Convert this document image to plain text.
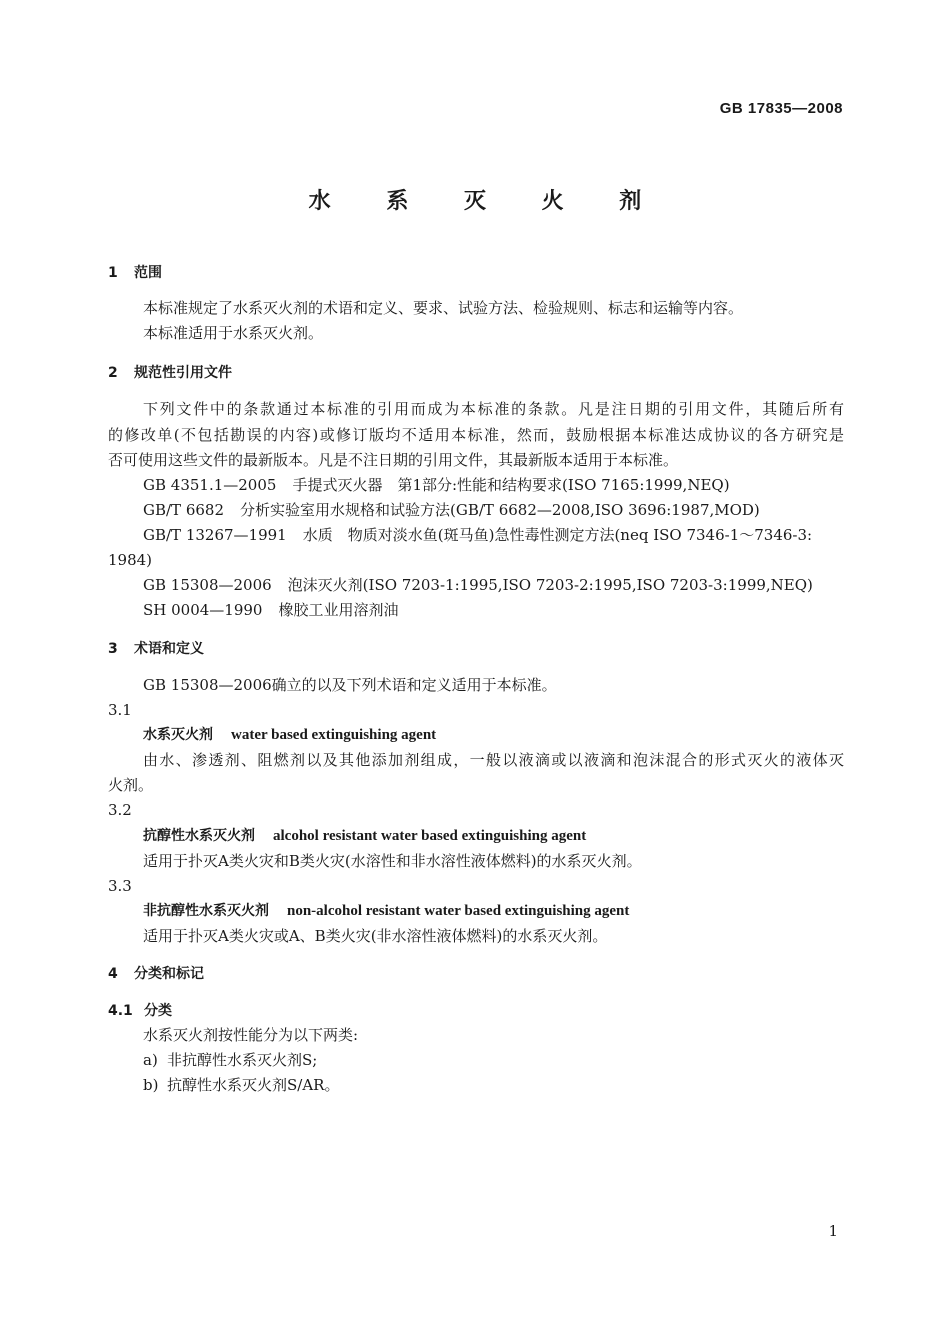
GB 17835—2008
水 系 灭 火 剂
1 范围
本标准规定了水系灭火剂的术语和定义、要求、试验方法、检验规则、标志和运输等内容。
本标准适用于水系灭火剂。
2 规范性引用文件
下列文件中的条款通过本标准的引用而成为本标准的条款。凡是注日期的引用文件，其随后所有
的修改单(不包括勘误的内容)或修订版均不适用本标准，然而，鼓励根据本标准达成协议的各方研究是
否可使用这些文件的最新版本。凡是不注日期的引用文件，其最新版本适用于本标准。
GB 4351.1—2005 手提式灭火器　第1部分:性能和结构要求(ISO 7165:1999,NEQ)
GB/T 6682 分析实验室用水规格和试验方法(GB/T 6682—2008,ISO 3696:1987,MOD)
GB/T 13267—1991 水质　物质对淡水鱼(斑马鱼)急性毒性测定方法(neq ISO 7346-1～7346-3:
1984)
GB 15308—2006 泡沫灭火剂(ISO 7203-1:1995,ISO 7203-2:1995,ISO 7203-3:1999,NEQ)
SH 0004—1990 橡胶工业用溶剂油
3 术语和定义
GB 15308—2006确立的以及下列术语和定义适用于本标准。
3.1
水系灭火剂 water based extinguishing agent
由水、渗透剂、阻燃剂以及其他添加剂组成，一般以液滴或以液滴和泡沫混合的形式灭火的液体灭
火剂。
3.2
抗醇性水系灭火剂 alcohol resistant water based extinguishing agent
适用于扑灭A类火灾和B类火灾(水溶性和非水溶性液体燃料)的水系灭火剂。
3.3
非抗醇性水系灭火剂 non-alcohol resistant water based extinguishing agent
适用于扑灭A类火灾或A、B类火灾(非水溶性液体燃料)的水系灭火剂。
4 分类和标记
4.1 分类
水系灭火剂按性能分为以下两类:
a) 非抗醇性水系灭火剂S;
b) 抗醇性水系灭火剂S/AR。
1
